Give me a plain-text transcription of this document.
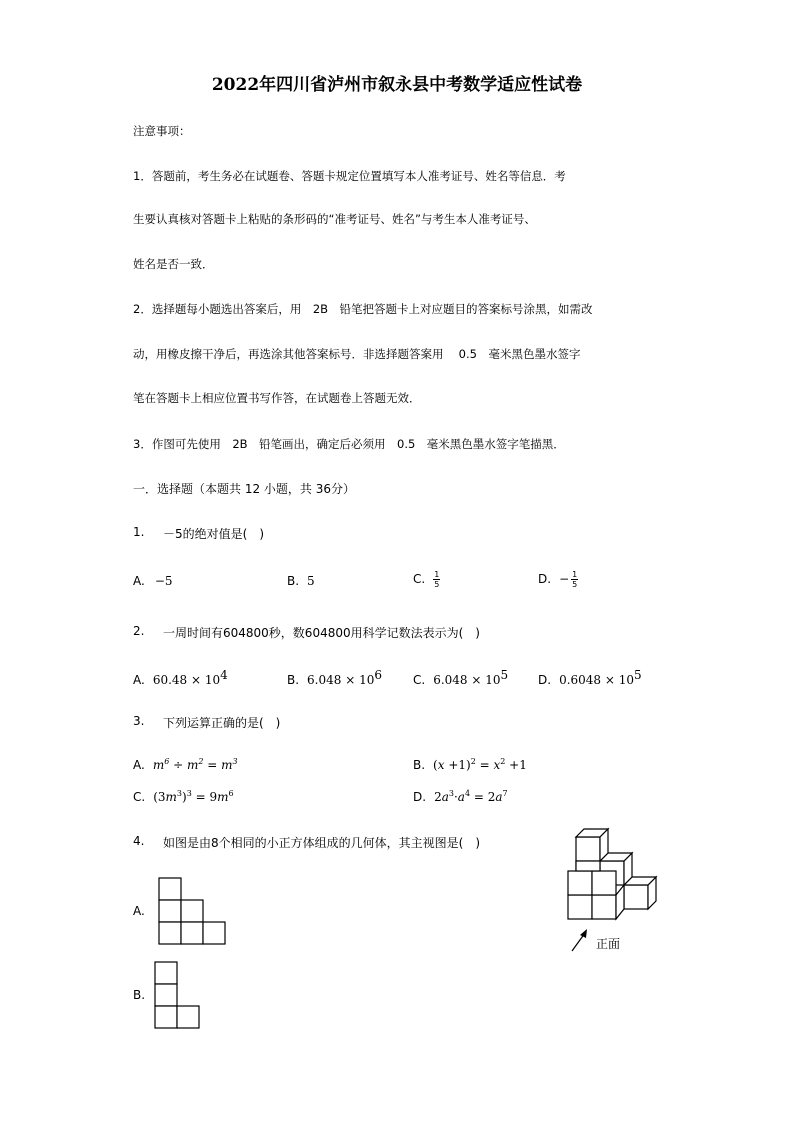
2022年四川省泸州市叙永县中考数学适应性试卷
注意事项：
1．答题前，考生务必在试题卷、答题卡规定位置填写本人准考证号、姓名等信息．考
生要认真核对答题卡上粘贴的条形码的“准考证号、姓名”与考生本人准考证号、
姓名是否一致．
2．选择题每小题选出答案后，用　2B　铅笔把答题卡上对应题目的答案标号涂黑，如需改
动，用橡皮擦干净后，再选涂其他答案标号．非选择题答案用　 0.5　毫米黑色墨水签字
笔在答题卡上相应位置书写作答，在试题卷上答题无效．
3．作图可先使用　2B　铅笔画出，确定后必须用　0.5　毫米黑色墨水签字笔描黑．
一．选择题（本题共 12 小题，共 36分）
1. －5的绝对值是(　)
A. −5	B. 5	C. $\frac{1}{5}$	D. − $\frac{1}{5}$
2. 一周时间有604800秒，数604800用科学记数法表示为(　)
A. $60.48 \times 10^4$	B. $6.048 \times 10^6$	C. $6.048 \times 10^5$ D. $0.6048 \times 10^5$
3. 下列运算正确的是(　)
A. $m^6 \div m^2 = m^3$	B. $(x +1)^2 = x^2 +1$
C. $(3m^3)^3 = 9m^6$	D. $2a^3\cdot a^4 = 2a^7$
4. 如图是由8个相同的小正方体组成的几何体，其主视图是(　)
正面
A.
B.
